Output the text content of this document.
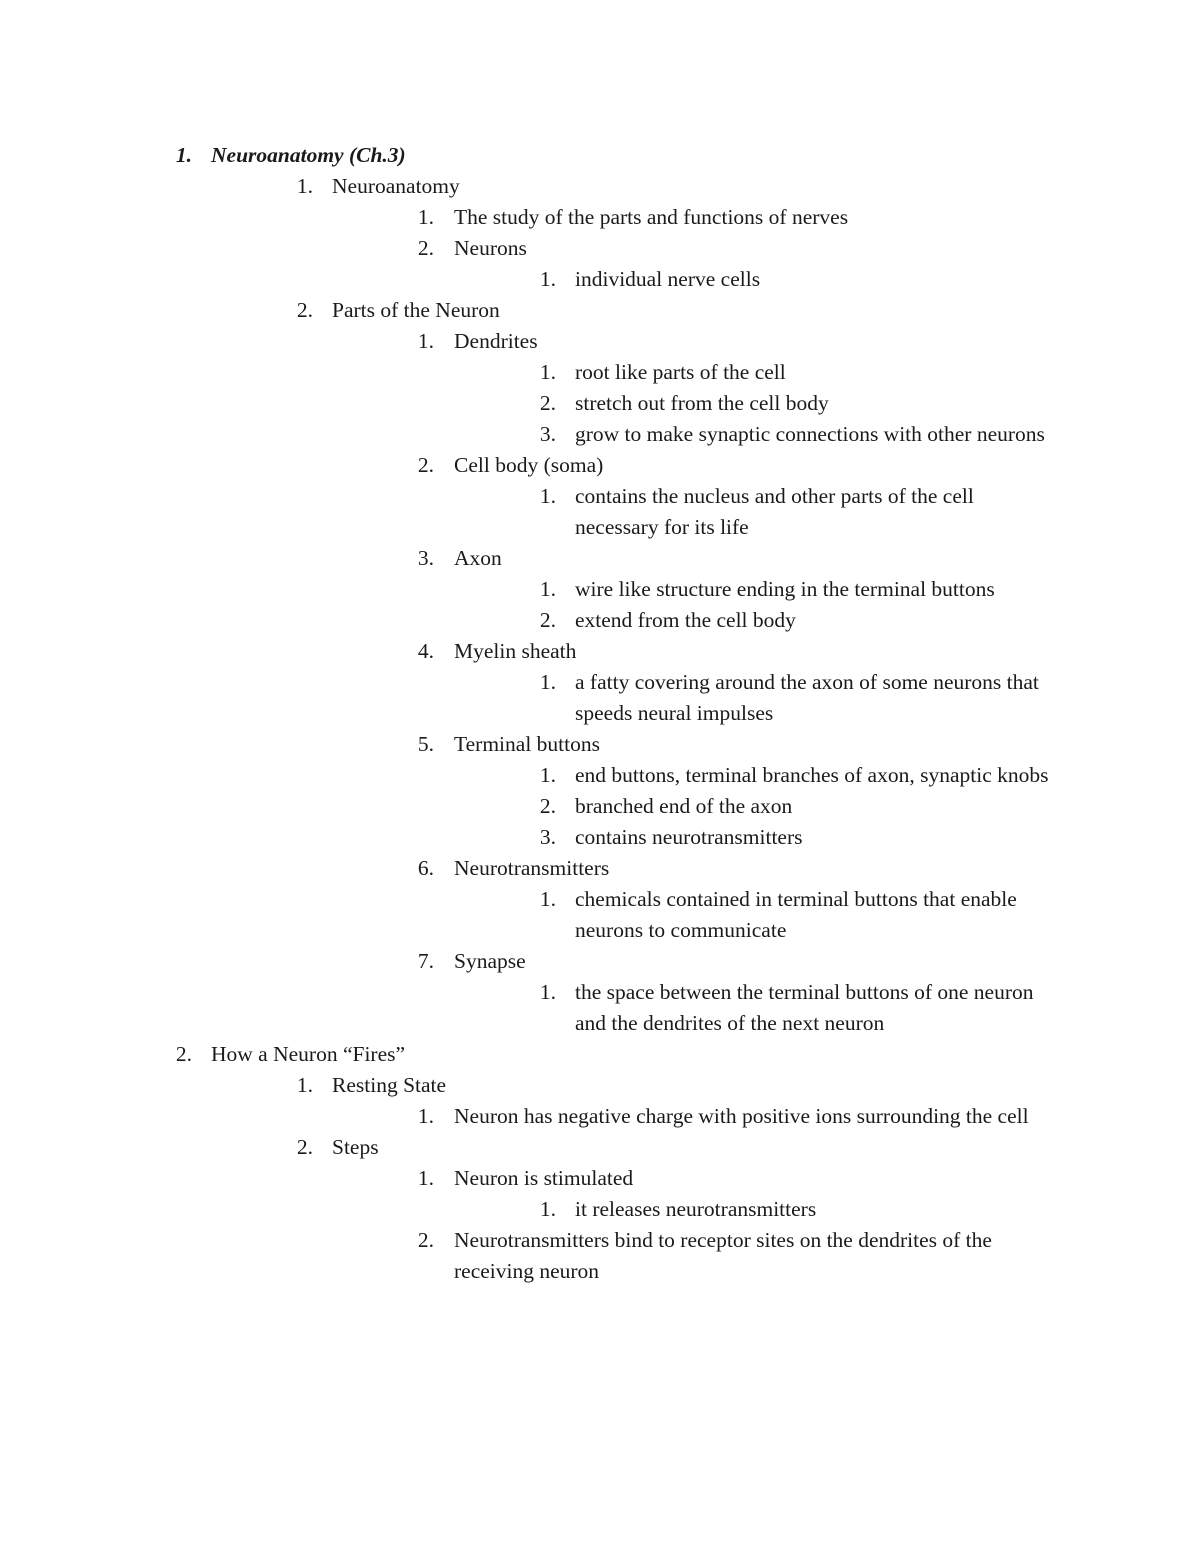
1. Neuroanatomy (Ch.3)
1. Neuroanatomy
1. The study of the parts and functions of nerves
2. Neurons
1. individual nerve cells
2. Parts of the Neuron
1. Dendrites
1. root like parts of the cell
2. stretch out from the cell body
3. grow to make synaptic connections with other neurons
2. Cell body (soma)
1. contains the nucleus and other parts of the cell necessary for its life
3. Axon
1. wire like structure ending in the terminal buttons
2. extend from the cell body
4. Myelin sheath
1. a fatty covering around the axon of some neurons that speeds neural impulses
5. Terminal buttons
1. end buttons, terminal branches of axon, synaptic knobs
2. branched end of the axon
3. contains neurotransmitters
6. Neurotransmitters
1. chemicals contained in terminal buttons that enable neurons to communicate
7. Synapse
1. the space between the terminal buttons of one neuron and the dendrites of the next neuron
2. How a Neuron “Fires”
1. Resting State
1. Neuron has negative charge with positive ions surrounding the cell
2. Steps
1. Neuron is stimulated
1. it releases neurotransmitters
2. Neurotransmitters bind to receptor sites on the dendrites of the receiving neuron
